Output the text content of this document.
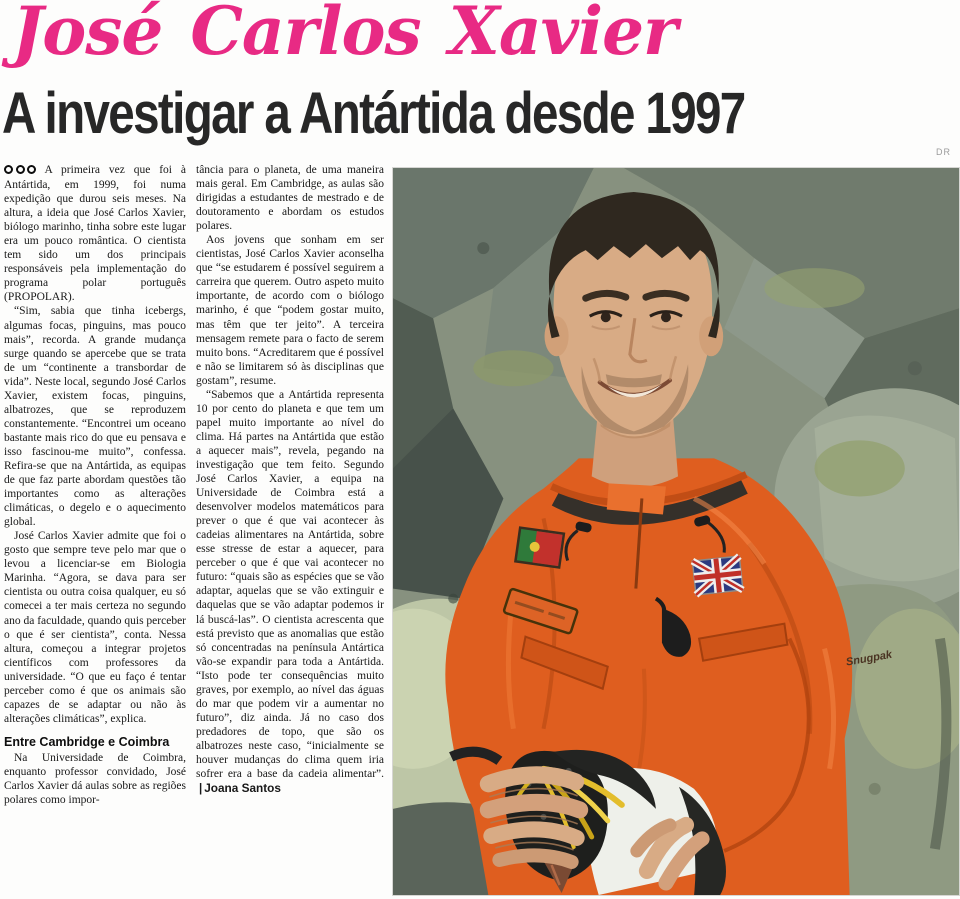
José Carlos Xavier
A investigar a Antártida desde 1997
DR

A primeira vez que foi à Antártida, em 1999, foi numa expedição que durou seis meses. Na altura, a ideia que José Carlos Xavier, biólogo marinho, tinha sobre este lugar era um pouco romântica. O cientista tem sido um dos principais responsáveis pela implementação do programa polar português (PROPOLAR).

“Sim, sabia que tinha icebergs, algumas focas, pinguins, mas pouco mais”, recorda. A grande mudança surge quando se apercebe que se trata de um “continente a transbordar de vida”. Neste local, segundo José Carlos Xavier, existem focas, pinguins, albatrozes, que se reproduzem constantemente. “Encontrei um oceano bastante mais rico do que eu pensava e isso fascinou-me muito”, confessa. Refira-se que na Antártida, as equipas de que faz parte abordam questões tão importantes como as alterações climáticas, o degelo e o aquecimento global.

José Carlos Xavier admite que foi o gosto que sempre teve pelo mar que o levou a licenciar-se em Biologia Marinha. “Agora, se dava para ser cientista ou outra coisa qualquer, eu só comecei a ter mais certeza no segundo ano da faculdade, quando quis perceber o que é ser cientista”, conta. Nessa altura, começou a integrar projetos científicos com professores da universidade. “O que eu faço é tentar perceber como é que os animais são capazes de se adaptar ou não às alterações climáticas”, explica.

Entre Cambridge e Coimbra

Na Universidade de Coimbra, enquanto professor convidado, José Carlos Xavier dá aulas sobre as regiões polares como impor-

tância para o planeta, de uma maneira mais geral. Em Cambridge, as aulas são dirigidas a estudantes de mestrado e de doutoramento e abordam os estudos polares.

Aos jovens que sonham em ser cientistas, José Carlos Xavier aconselha que “se estudarem é possível seguirem a carreira que querem. Outro aspeto muito importante, de acordo com o biólogo marinho, é que “podem gostar muito, mas têm que ter jeito”. A terceira mensagem remete para o facto de serem muito bons. “Acreditarem que é possível e não se limitarem só às disciplinas que gostam”, resume.

“Sabemos que a Antártida representa 10 por cento do planeta e que tem um papel muito importante ao nível do clima. Há partes na Antártida que estão a aquecer mais”, revela, pegando na investigação que tem feito. Segundo José Carlos Xavier, a equipa na Universidade de Coimbra está a desenvolver modelos matemáticos para prever o que é que vai acontecer às cadeias alimentares na Antártida, sobre esse stresse de estar a aquecer, para perceber o que é que vai acontecer no futuro: “quais são as espécies que se vão adaptar, aquelas que se vão extinguir e daquelas que se vão adaptar podemos ir lá buscá-las”. O cientista acrescenta que está previsto que as anomalias que estão só concentradas na península Antártica vão-se expandir para toda a Antártida. “Isto pode ter consequências muito graves, por exemplo, ao nível das águas do mar que podem vir a aumentar no futuro”, diz ainda. Já no caso dos predadores de topo, que são os albatrozes neste caso, “inicialmente se houver mudanças do clima quem iria sofrer era a base da cadeia alimentar”. | Joana Santos

Snugpak
